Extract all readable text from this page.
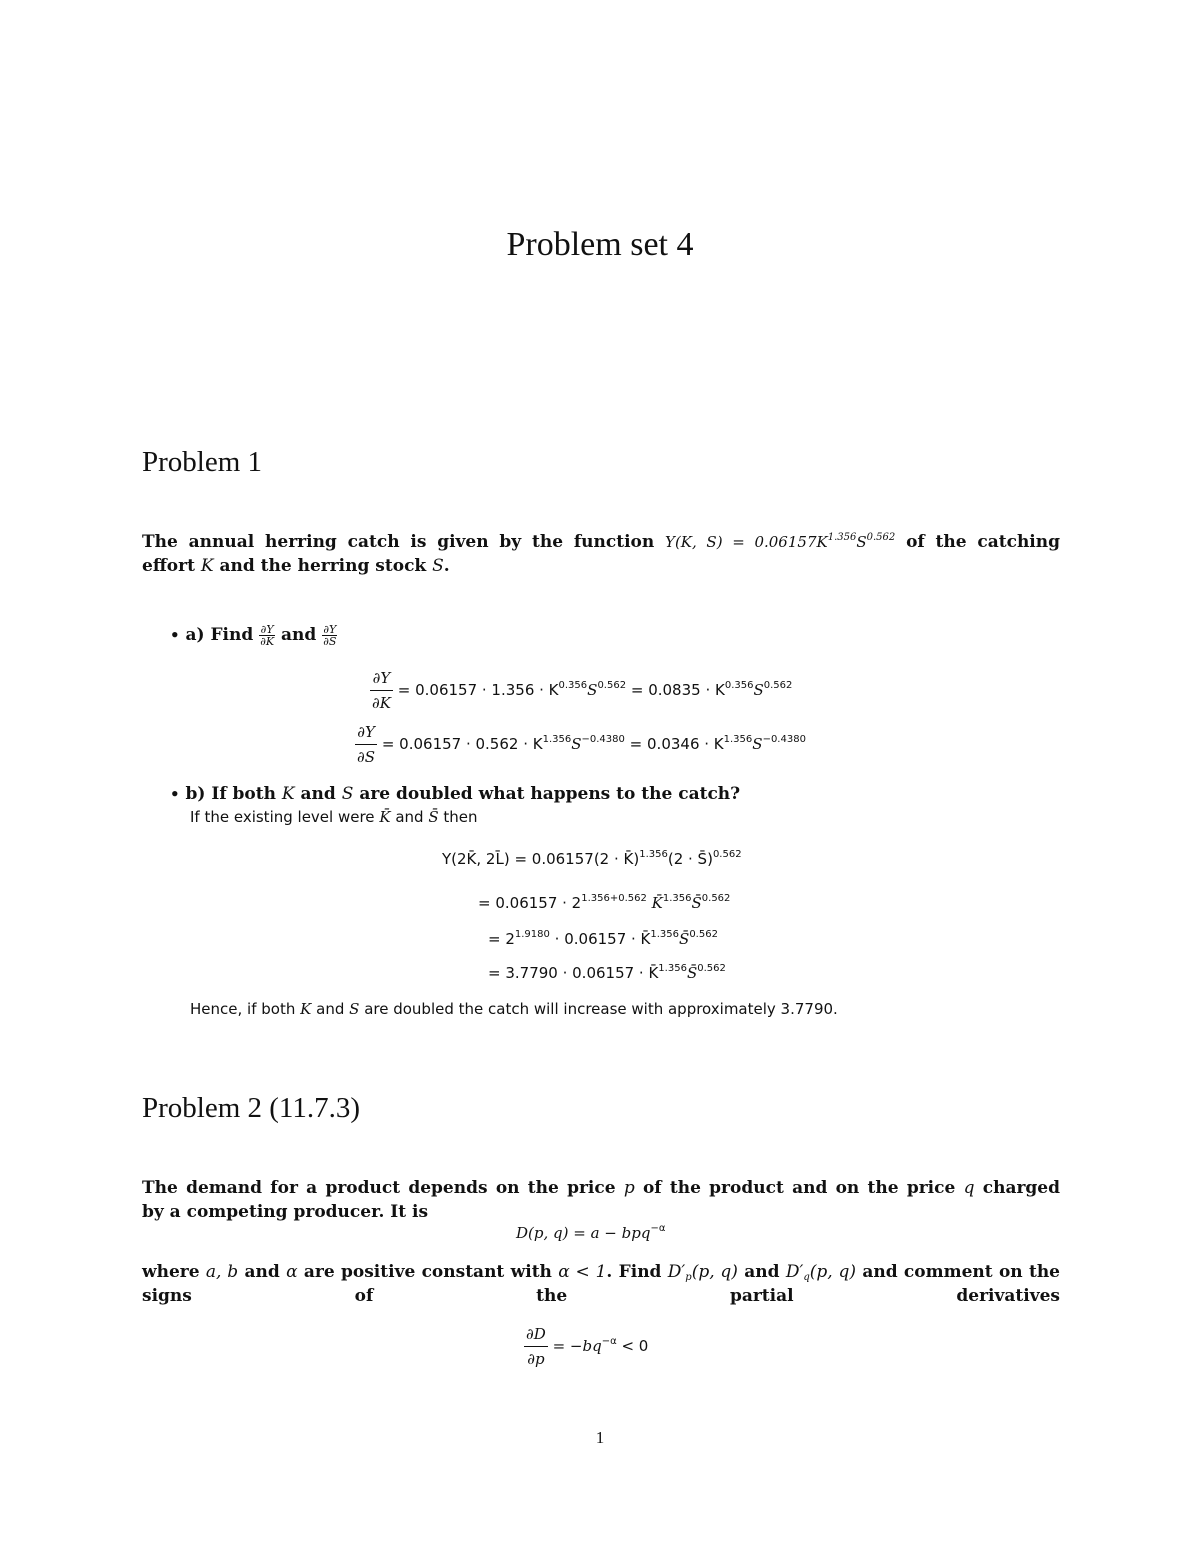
Problem set 4
Problem 1
The annual herring catch is given by the function Y(K, $S) = 0.06157K^{1.356}S^{0.562}$ of the catching
effort K and the herring stock S.
• a) Find $\frac{\partial Y}{\partial K}$ and $\frac{\partial Y}{\partial S}$
$\frac{\partial Y}{\partial K} = 0.06157 \cdot 1.356 \cdot K^{0.356}S^{0.562} = 0.0835 \cdot K^{0.356}S^{0.562}$
$\frac{\partial Y}{\partial S} = 0.06157 \cdot 0.562 \cdot K^{1.356}S^{-0.4380} = 0.0346 \cdot K^{1.356}S^{-0.4380}$
• b) If both K and S are doubled what happens to the catch?
If the existing level were K̄ and S̄ then
Y(2K̄, 2L̄) = 0.06157(2 · K̄)$^{1.356}$(2 · S̄)$^{0.562}$
= $0.06157 \cdot 2^{1.356+0.562}$ K̄$^{1.356}$S̄$^{0.562}$
= $2^{1.9180} \cdot 0.06157$ · K̄$^{1.356}$S̄$^{0.562}$
= 3.7790 · 0.06157 · K̄$^{1.356}$S̄$^{0.562}$
Hence, if both K and S are doubled the catch will increase with approximately 3.7790.
Problem 2 (11.7.3)
The demand for a product depends on the price p of the product and on the price q charged
by a competing producer. It is
D(p, q) = a − bpq$^{-\alpha}$
where a, b and α are positive constant with α < 1. Find $D'_p(p$, q) and $D'_q(p$, q) and comment on the
signs	of	the	partial	derivatives
$\frac{\partial D}{\partial p} = -bq^{-\alpha} < 0$
1
